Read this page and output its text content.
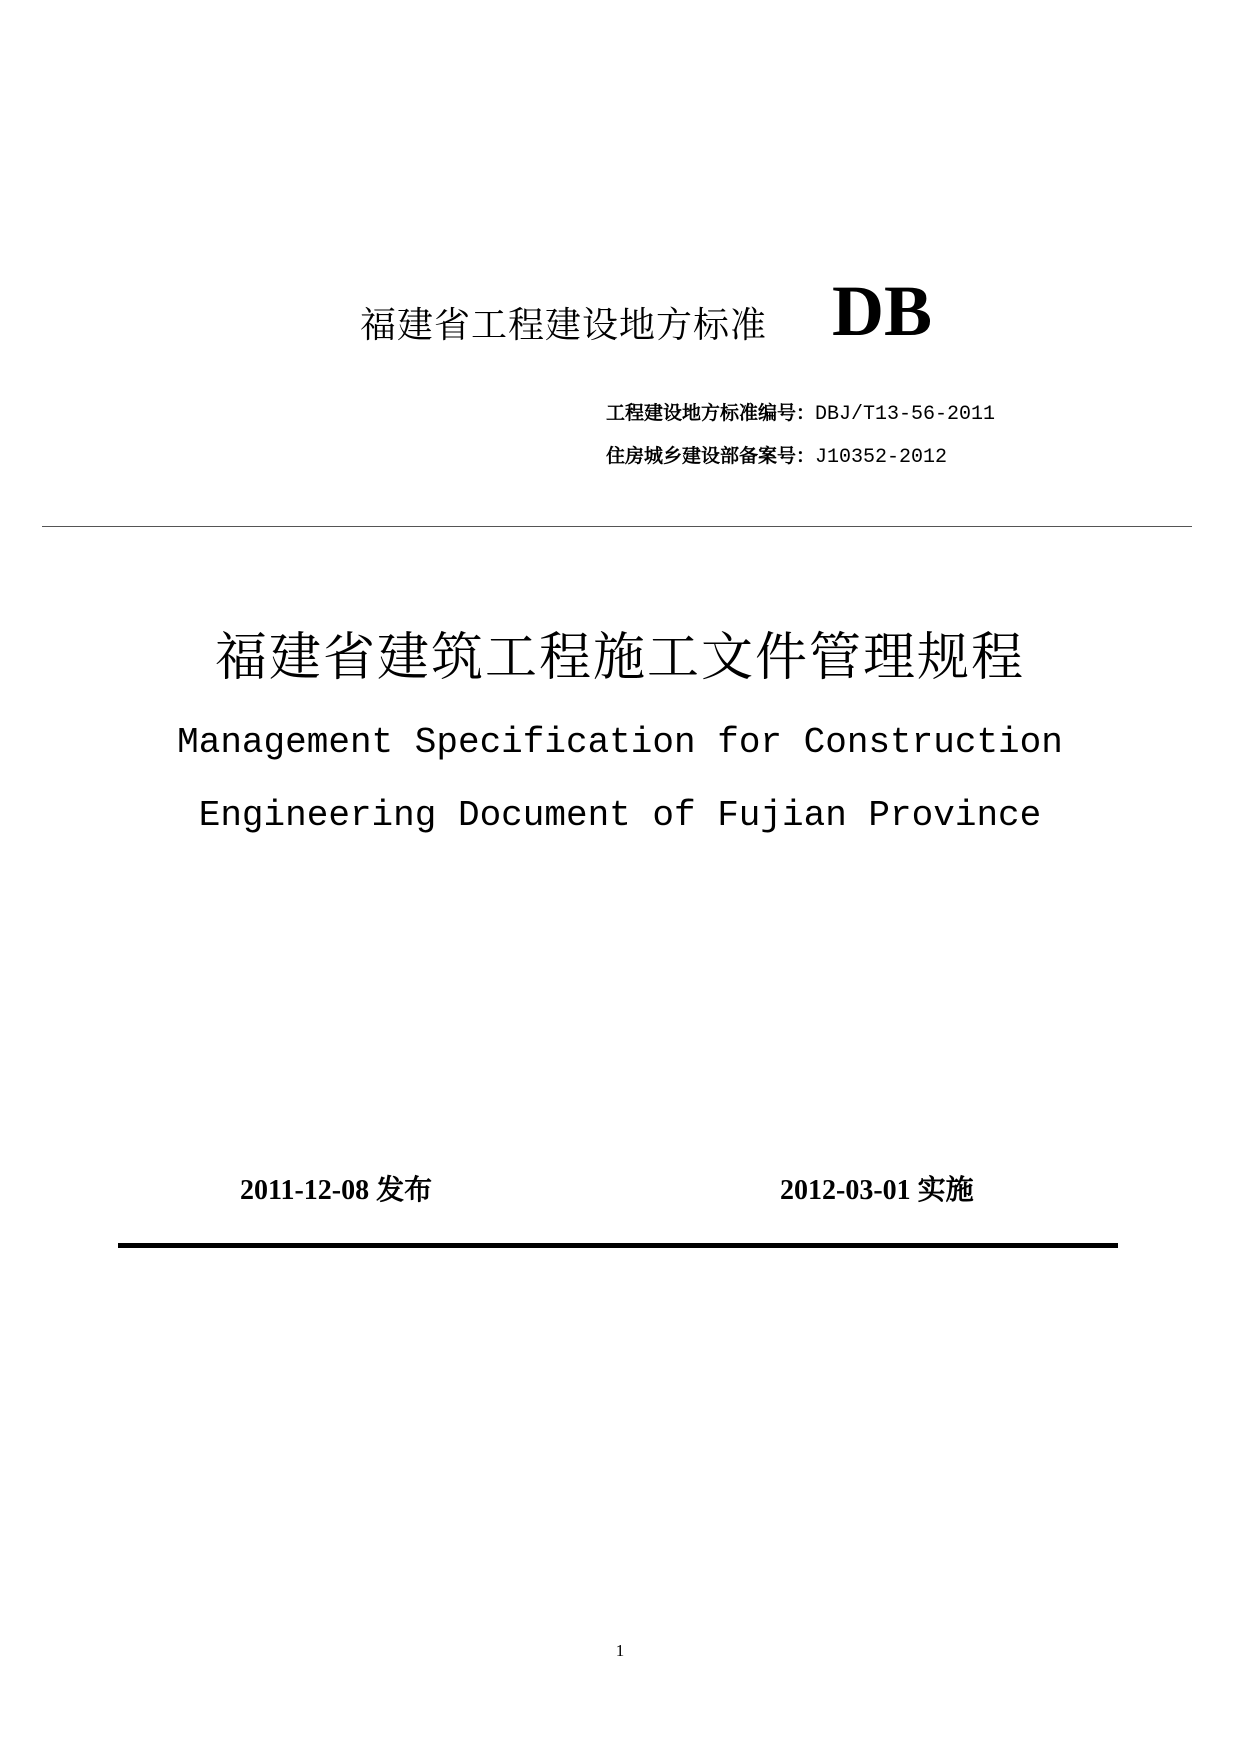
福建省工程建设地方标准 DB
工程建设地方标准编号：DBJ/T13-56-2011
住房城乡建设部备案号：J10352-2012
福建省建筑工程施工文件管理规程
Management Specification for Construction
Engineering Document of Fujian Province
2011-12-08 发布	2012-03-01 实施
1
